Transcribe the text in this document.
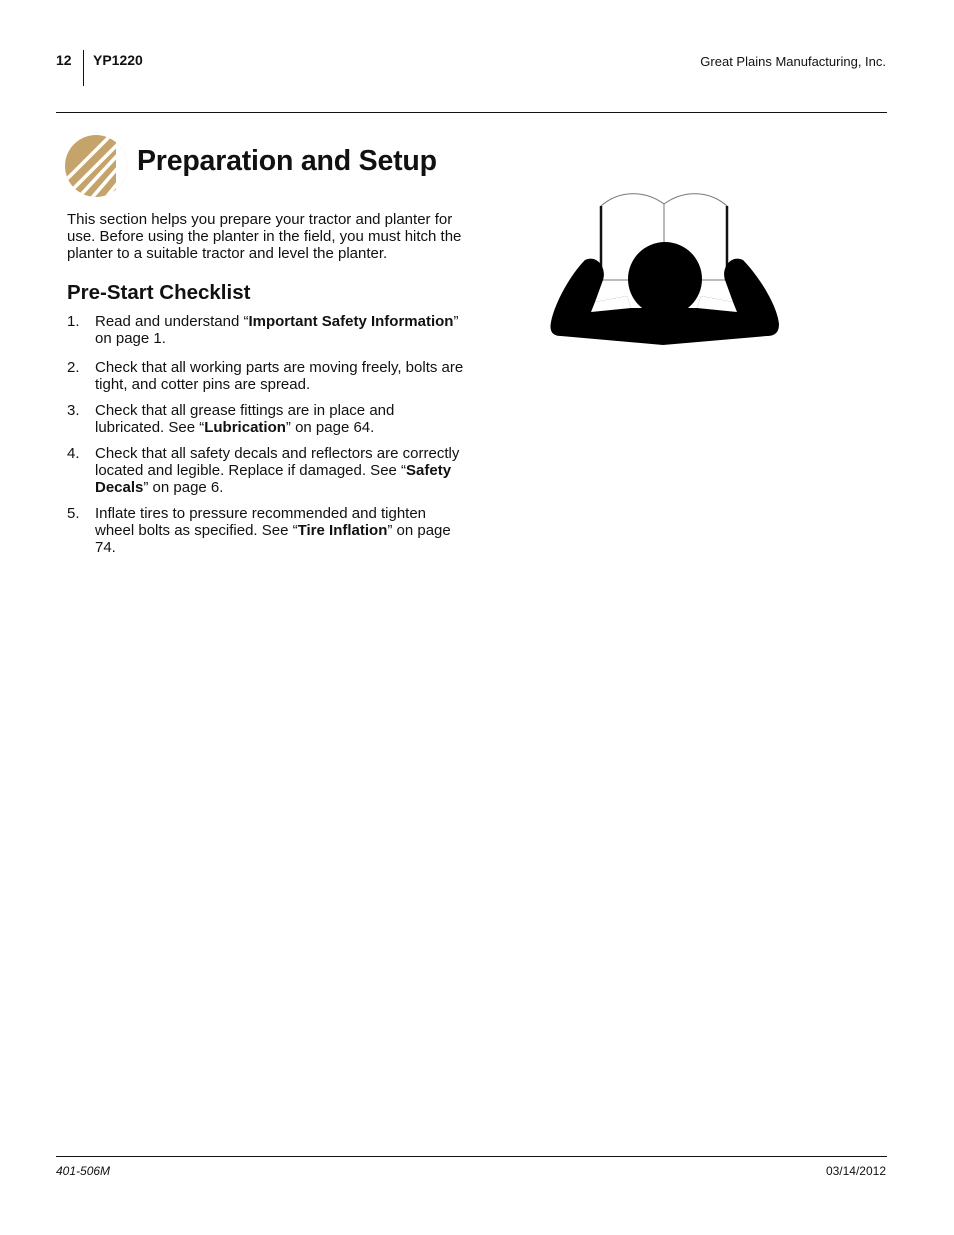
12 YP1220	Great Plains Manufacturing, Inc.
Preparation and Setup

This section helps you prepare your tractor and planter for use. Before using the planter in the field, you must hitch the planter to a suitable tractor and level the planter.

Pre-Start Checklist
1. Read and understand “Important Safety Information” on page 1.
2. Check that all working parts are moving freely, bolts are tight, and cotter pins are spread.
3. Check that all grease fittings are in place and lubricated. See “Lubrication” on page 64.
4. Check that all safety decals and reflectors are correctly located and legible. Replace if damaged. See “Safety Decals” on page 6.
5. Inflate tires to pressure recommended and tighten wheel bolts as specified. See “Tire Inflation” on page 74.
401-506M	03/14/2012
